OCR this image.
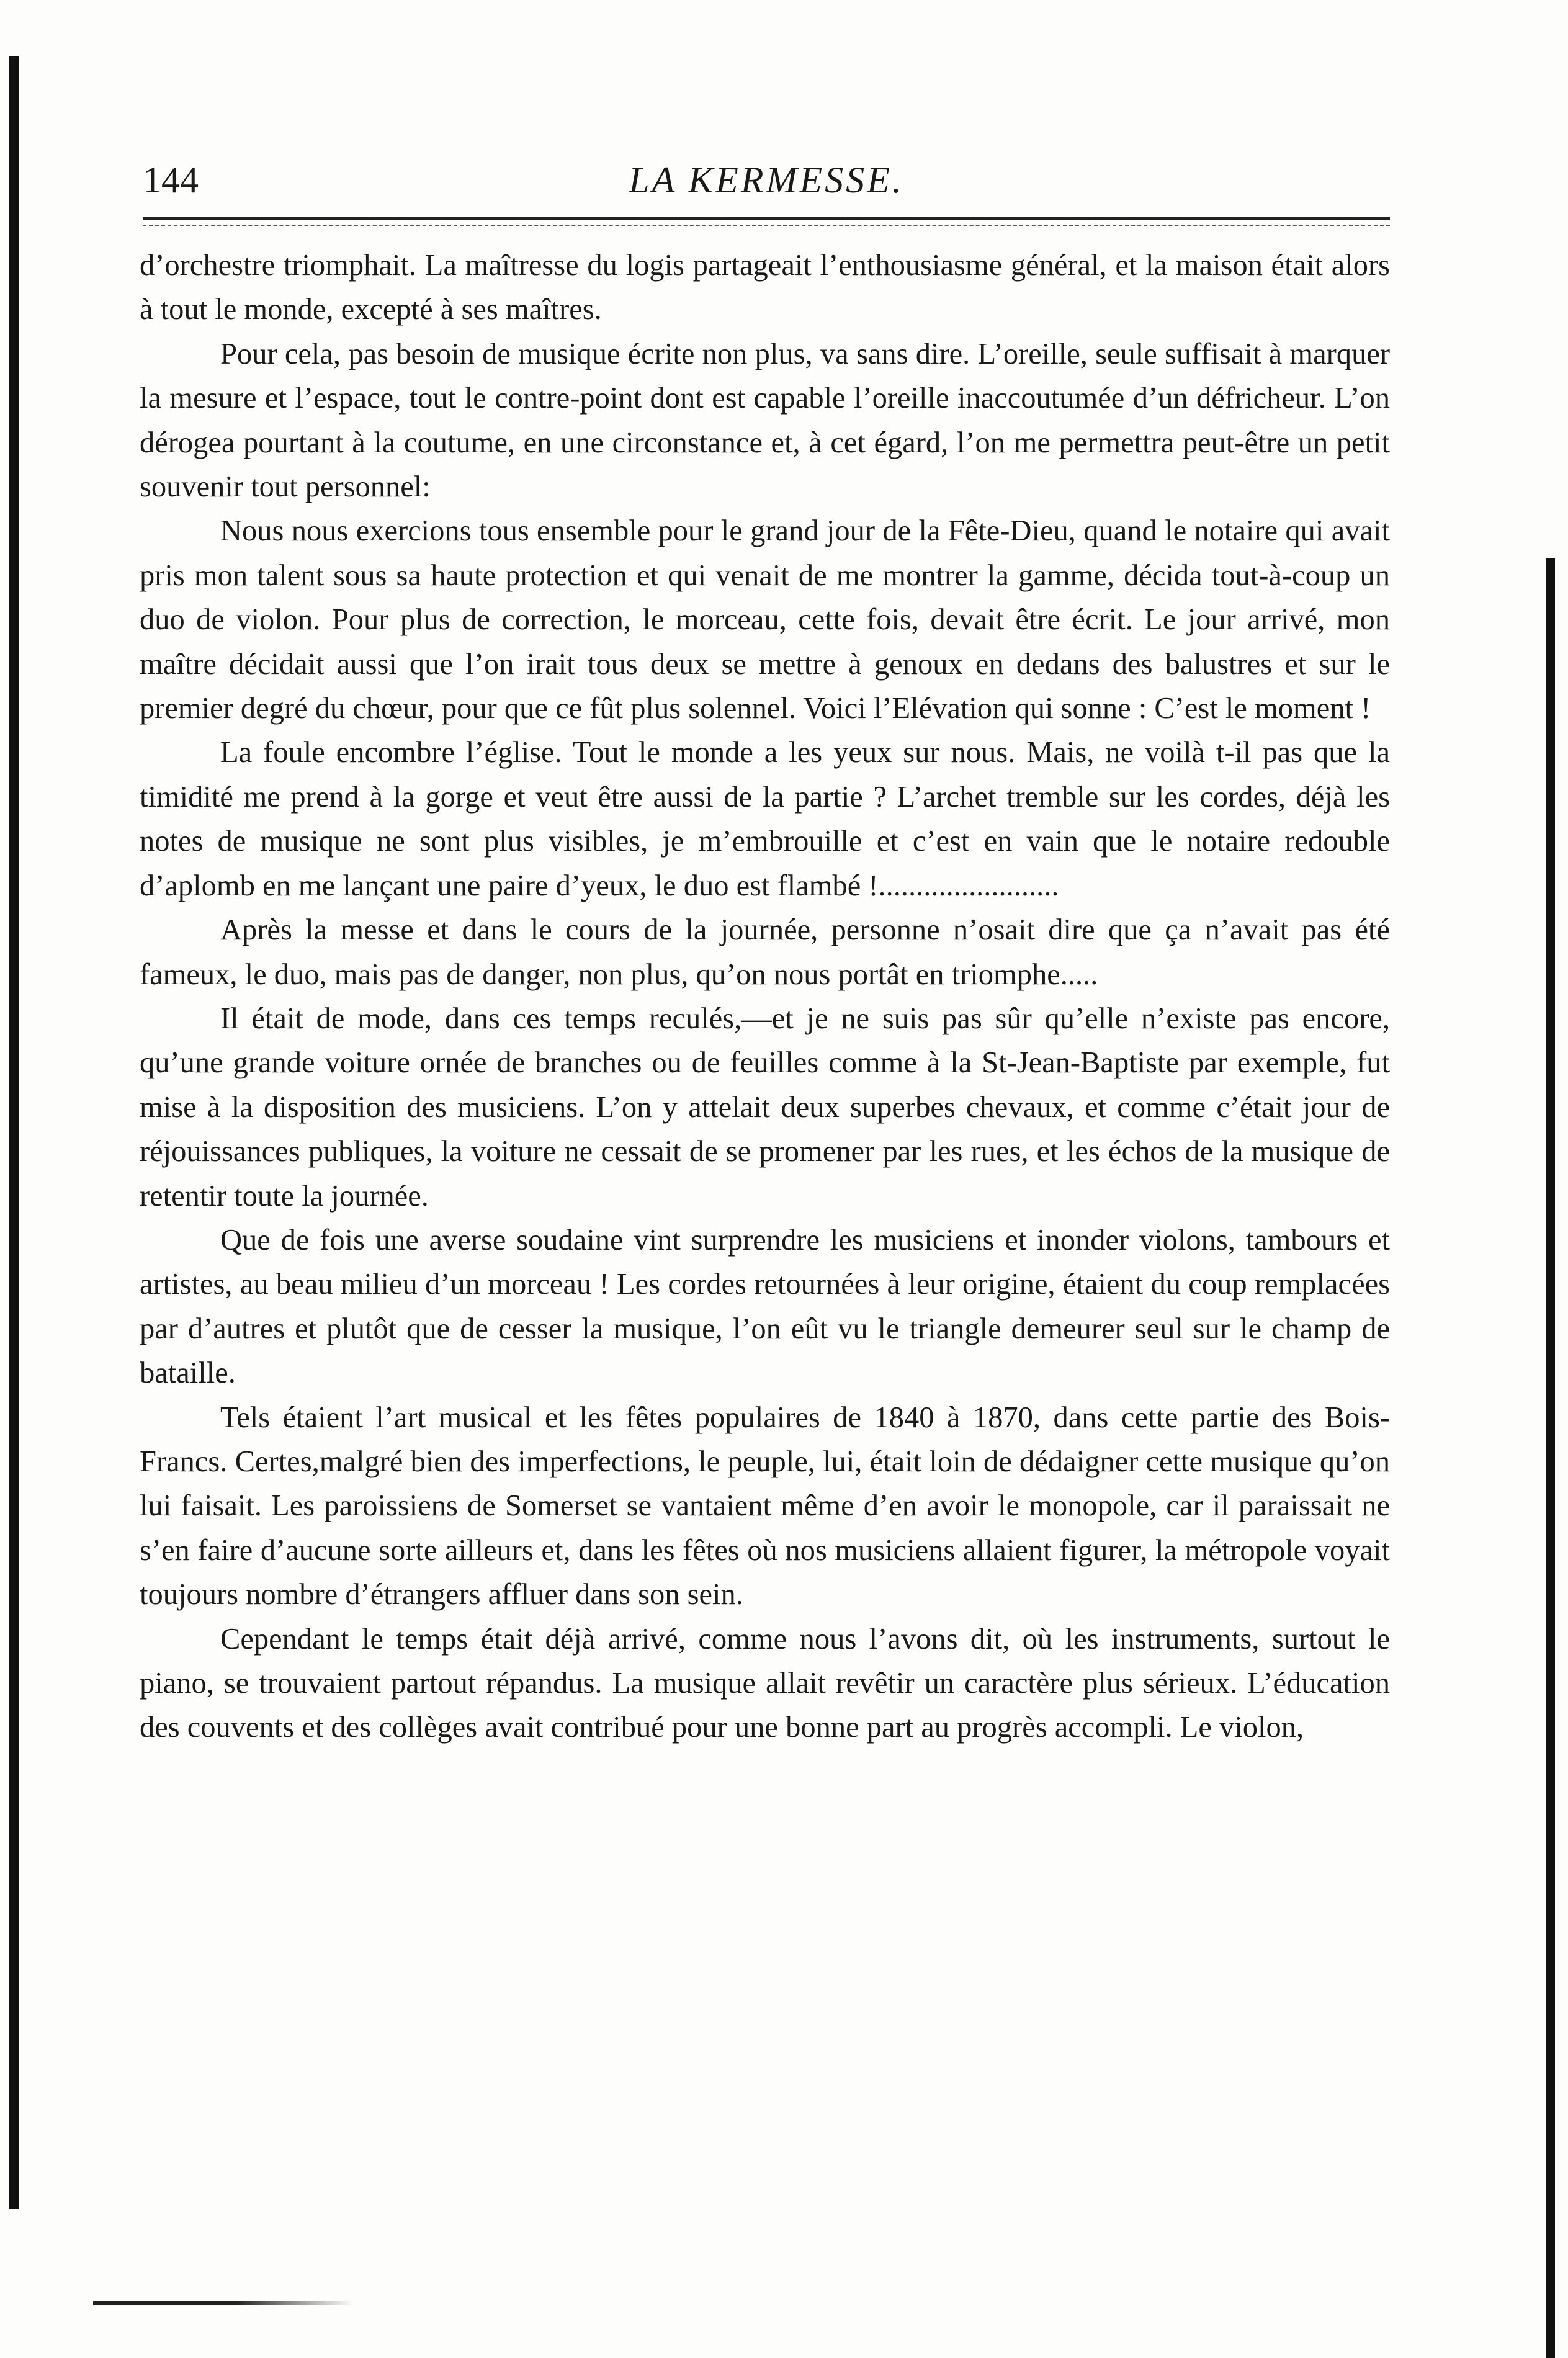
144	LA KERMESSE.

d’orchestre triomphait. La maîtresse du logis partageait l’enthousiasme général, et la maison était alors à tout le monde, excepté à ses maîtres.

Pour cela, pas besoin de musique écrite non plus, va sans dire. L’oreille, seule suffisait à marquer la mesure et l’espace, tout le contre-point dont est capable l’oreille inaccoutumée d’un défricheur. L’on dérogea pourtant à la coutume, en une circonstance et, à cet égard, l’on me permettra peut-être un petit souvenir tout personnel:

Nous nous exercions tous ensemble pour le grand jour de la Fête-Dieu, quand le notaire qui avait pris mon talent sous sa haute protection et qui venait de me montrer la gamme, décida tout-à-coup un duo de violon. Pour plus de correction, le morceau, cette fois, devait être écrit. Le jour arrivé, mon maître décidait aussi que l’on irait tous deux se mettre à genoux en dedans des balustres et sur le premier degré du chœur, pour que ce fût plus solennel. Voici l’Elévation qui sonne : C’est le moment !

La foule encombre l’église. Tout le monde a les yeux sur nous. Mais, ne voilà t-il pas que la timidité me prend à la gorge et veut être aussi de la partie ? L’archet tremble sur les cordes, déjà les notes de musique ne sont plus visibles, je m’embrouille et c’est en vain que le notaire redouble d’aplomb en me lançant une paire d’yeux, le duo est flambé !........................

Après la messe et dans le cours de la journée, personne n’osait dire que ça n’avait pas été fameux, le duo, mais pas de danger, non plus, qu’on nous portât en triomphe.....

Il était de mode, dans ces temps reculés,—et je ne suis pas sûr qu’elle n’existe pas encore, qu’une grande voiture ornée de branches ou de feuilles comme à la St-Jean-Baptiste par exemple, fut mise à la disposition des musiciens. L’on y attelait deux superbes chevaux, et comme c’était jour de réjouissances publiques, la voiture ne cessait de se promener par les rues, et les échos de la musique de retentir toute la journée.

Que de fois une averse soudaine vint surprendre les musiciens et inonder violons, tambours et artistes, au beau milieu d’un morceau ! Les cordes retournées à leur origine, étaient du coup remplacées par d’autres et plutôt que de cesser la musique, l’on eût vu le triangle demeurer seul sur le champ de bataille.

Tels étaient l’art musical et les fêtes populaires de 1840 à 1870, dans cette partie des Bois-Francs. Certes,malgré bien des imperfections, le peuple, lui, était loin de dédaigner cette musique qu’on lui faisait. Les paroissiens de Somerset se vantaient même d’en avoir le monopole, car il paraissait ne s’en faire d’aucune sorte ailleurs et, dans les fêtes où nos musiciens allaient figurer, la métropole voyait toujours nombre d’étrangers affluer dans son sein.

Cependant le temps était déjà arrivé, comme nous l’avons dit, où les instruments, surtout le piano, se trouvaient partout répandus. La musique allait revêtir un caractère plus sérieux. L’éducation des couvents et des collèges avait contribué pour une bonne part au progrès accompli. Le violon,
